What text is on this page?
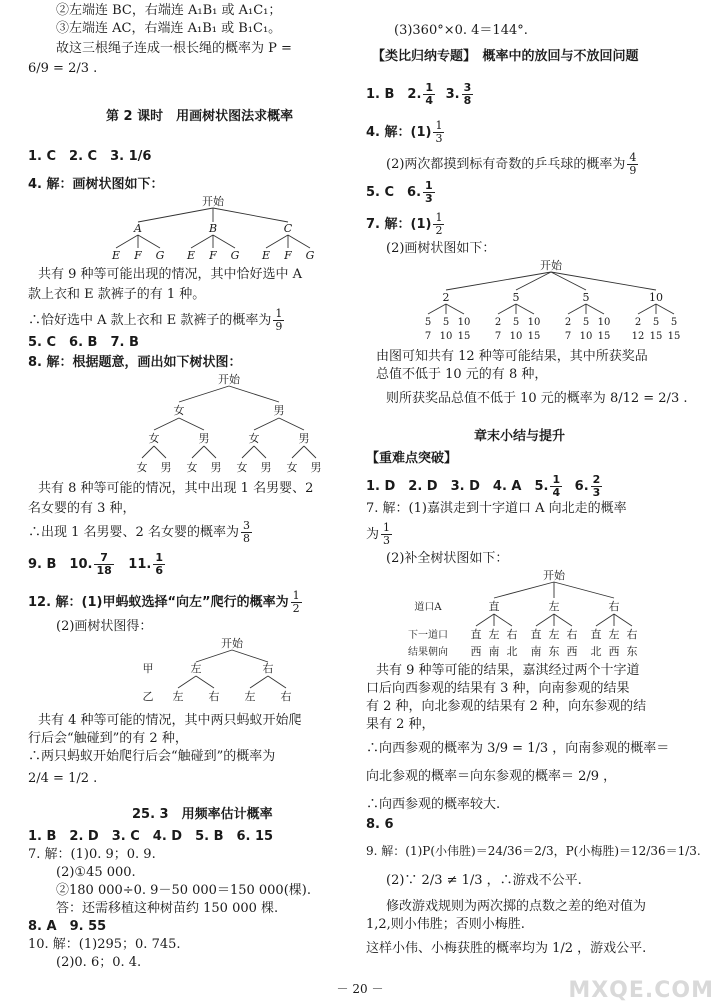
②左端连 BC，右端连 A₁B₁ 或 A₁C₁；
③左端连 AC，右端连 A₁B₁ 或 B₁C₁。
故这三根绳子连成一根长绳的概率为 P =
6/9 = 2/3 .
第 2 课时　用画树状图法求概率
1. C　2. C　3. 1/6
4. 解：画树状图如下：
开始
A	B	C
E F G E F G E F G
共有 9 种等可能出现的情况，其中恰好选中 A
款上衣和 E 款裤子的有 1 种。
∴恰好选中 A 款上衣和 E 款裤子的概率为 $\frac{1}{9}$
5. C　6. B　7. B
8. 解：根据题意，画出如下树状图：
开始
女	男
女	男	女	男
女 男 女 男 女 男 女 男
共有 8 种等可能的情况，其中出现 1 名男婴、2
名女婴的有 3 种，
∴出现 1 名男婴、2 名女婴的概率为 $\frac{3}{8}$
9. B　10. $\frac{7}{18} 11$. $\frac{1}{6}$
12. 解：(1)甲蚂蚁选择“向左”爬行的概率为 $\frac{1}{2}$
(2)画树状图得：
开始
甲	左	右
乙 左 右 左 右
共有 4 种等可能的情况，其中两只蚂蚁开始爬
行后会“触碰到”的有 2 种，
∴两只蚂蚁开始爬行后会“触碰到”的概率为
2/4 = 1/2 .
25. 3　用频率估计概率
1. B　2. D　3. C　4. D　5. B　6. 15
7. 解：(1)0. 9；0. 9.
(2)①45 000.
②180 000÷0. 9－50 000＝150 000(棵).
答：还需移植这种树苗约 150 000 棵.
8. A　9. 55
10. 解：(1)295；0. 745.
(2)0. 6；0. 4.
(3)360°×0. 4＝144°.
【类比归纳专题】　概率中的放回与不放回问题
1. B　2. $\frac{1}{4} 3$. $\frac{3}{8}$
4. 解：$(1) \frac{1}{3}$
(2)两次都摸到标有奇数的乒乓球的概率为 $\frac{4}{9}$
5. C　6. $\frac{1}{3}$
7. 解：$(1) \frac{1}{2}$
(2)画树状图如下：
开始
2	5	5	10
5 5 10 2 5 10 2 5 10 2 5 5
7 10 15 7 10 15 7 10 15 12 15 15
由图可知共有 12 种等可能结果，其中所获奖品
总值不低于 10 元的有 8 种，
则所获奖品总值不低于 10 元的概率为 8/12 = 2/3 .
章末小结与提升
【重难点突破】
1. D　2. D　3. D　4. A　5. $\frac{1}{4} 6$. $\frac{2}{3}$
7. 解：(1)嘉淇走到十字道口 A 向北走的概率
为 $\frac{1}{3}$
(2)补全树状图如下：
开始
道口A	直	左	右
下一道口 直 左 右 直 左 右 直 左 右
结果朝向 西 南 北 南 东 西 北 西 东
共有 9 种等可能的结果，嘉淇经过两个十字道
口后向西参观的结果有 3 种，向南参观的结果
有 2 种，向北参观的结果有 2 种，向东参观的结
果有 2 种，
∴向西参观的概率为 3/9 = 1/3 ，向南参观的概率＝
向北参观的概率＝向东参观的概率＝ 2/9 ，
∴向西参观的概率较大.
8. 6
9. 解：(1)P(小伟胜)＝24/36＝2/3，P(小梅胜)＝12/36＝1/3.
(2)∵ 2/3 ≠ 1/3 ，∴游戏不公平.
修改游戏规则为两次掷的点数之差的绝对值为
1,2,则小伟胜；否则小梅胜.
这样小伟、小梅获胜的概率均为 1/2 ，游戏公平.
－ 20 －	MXQE.COM
